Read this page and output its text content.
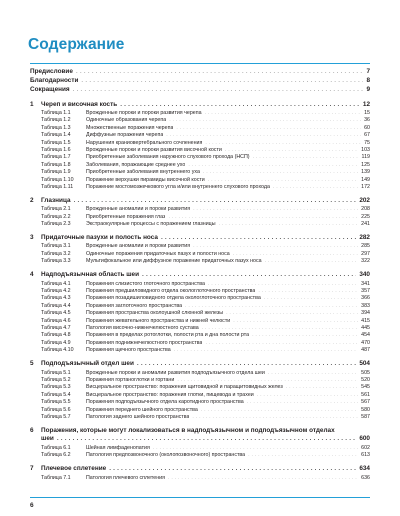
Содержание
Предисловие . . .	7
Благодарности . . .	8
Сокращения . . .	9
1	Череп и височная кость . . .	12
Таблица 1.1	Врожденные пороки и пороки развития черепа . . .	15
Таблица 1.2	Одиночные образования черепа . . .	36
Таблица 1.3	Множественные поражения черепа . . .	60
Таблица 1.4	Диффузные поражения черепа . . .	67
Таблица 1.5	Нарушения краниовертебрального сочленения . . .	75
Таблица 1.6	Врожденные пороки и пороки развития височной кости . . .	103
Таблица 1.7	Приобретенные заболевания наружного слухового прохода (НСП) . . .	119
Таблица 1.8	Заболевания, поражающие среднее ухо . . .	125
Таблица 1.9	Приобретенные заболевания внутреннего уха . . .	139
Таблица 1.10	Поражение верхушки пирамиды височной кости . . .	149
Таблица 1.11	Поражение мостомозжечкового угла и/или внутреннего слухового прохода . . .	172
2	Глазница . . .	202
Таблица 2.1	Врожденные аномалии и пороки развития . . .	208
Таблица 2.2	Приобретенные поражения глаз . . .	225
Таблица 2.3	Экстраокулярные процессы с поражением глазницы . . .	241
3	Придаточные пазухи и полость носа . . .	282
Таблица 3.1	Врожденные аномалии и пороки развития . . .	285
Таблица 3.2	Одиночные поражения придаточных пазух и полости носа . . .	297
Таблица 3.3	Мультифокальное или диффузное поражение придаточных пазух носа . . .	322
4	Надподъязычная область шеи . . .	340
Таблица 4.1	Поражения слизистого глоточного пространства . . .	341
Таблица 4.2	Поражения предшиловидного отдела окологлоточного пространства . . .	357
Таблица 4.3	Поражения позадишиловидного отдела окологлоточного пространства . . .	366
Таблица 4.4	Поражения заглоточного пространства . . .	383
Таблица 4.5	Поражения пространства околоушной слюнной железы . . .	394
Таблица 4.6	Поражения жевательного пространства и нижней челюсти . . .	415
Таблица 4.7	Патология височно-нижнечелюстного сустава . . .	445
Таблица 4.8	Поражения в пределах ротоглотки, полости рта и дна полости рта . . .	454
Таблица 4.9	Поражения поднижнечелюстного пространства . . .	470
Таблица 4.10	Поражения щечного пространства . . .	487
5	Подподъязычный отдел шеи . . .	504
Таблица 5.1	Врожденные пороки и аномалии развития подподъязычного отдела шеи . . .	505
Таблица 5.2	Поражения гортаноглотки и гортани . . .	520
Таблица 5.3	Висцеральное пространство: поражения щитовидной и паращитовидных желез . . .	545
Таблица 5.4	Висцеральное пространство: поражения глотки, пищевода и трахеи . . .	561
Таблица 5.5	Поражения подподъязычного отдела каротидного пространства . . .	567
Таблица 5.6	Поражения переднего шейного пространства . . .	580
Таблица 5.7	Патология заднего шейного пространства . . .	587
6	Поражения, которые могут локализоваться в надподъязычном и подподъязычном отделах
шеи . . .	600
Таблица 6.1	Шейная лимфаденопатия . . .	602
Таблица 6.2	Патология предпозвоночного (околопозвоночного) пространства . . .	613
7	Плечевое сплетение . . .	634
Таблица 7.1	Патология плечевого сплетения . . .	636
6
